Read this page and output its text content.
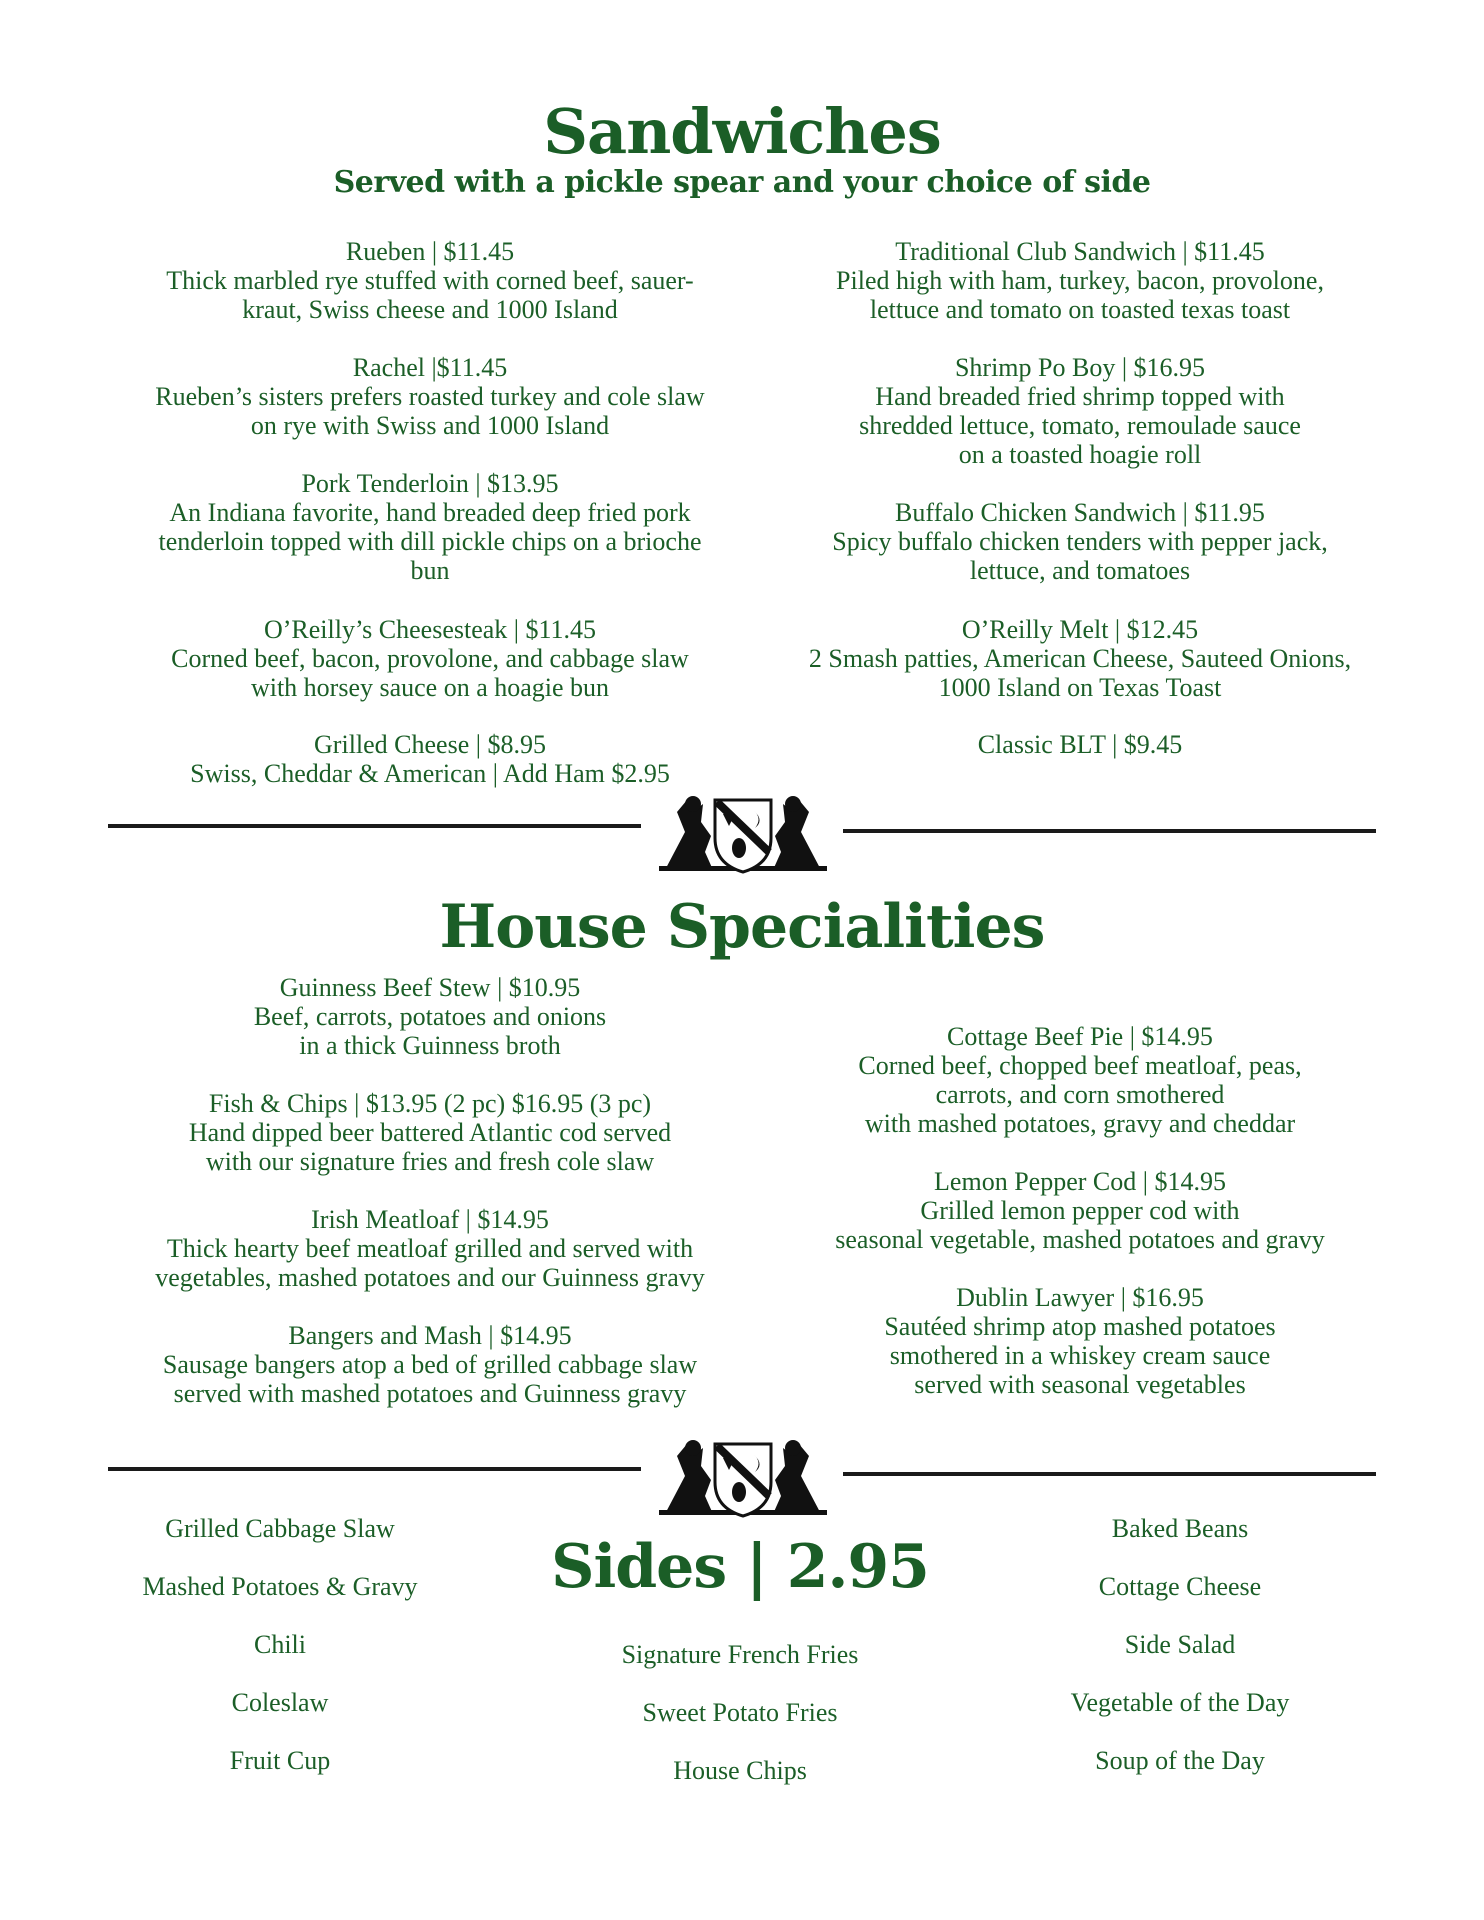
Sandwiches
Served with a pickle spear and your choice of side
Rueben | $11.45
Thick marbled rye stuffed with corned beef, sauer-
kraut, Swiss cheese and 1000 Island
Rachel |$11.45
Rueben’s sisters prefers roasted turkey and cole slaw
on rye with Swiss and 1000 Island
Pork Tenderloin | $13.95
An Indiana favorite, hand breaded deep fried pork
tenderloin topped with dill pickle chips on a brioche
bun
O’Reilly’s Cheesesteak | $11.45
Corned beef, bacon, provolone, and cabbage slaw
with horsey sauce on a hoagie bun
Grilled Cheese | $8.95
Swiss, Cheddar & American | Add Ham $2.95
Traditional Club Sandwich | $11.45
Piled high with ham, turkey, bacon, provolone,
lettuce and tomato on toasted texas toast
Shrimp Po Boy | $16.95
Hand breaded fried shrimp topped with
shredded lettuce, tomato, remoulade sauce
on a toasted hoagie roll
Buffalo Chicken Sandwich | $11.95
Spicy buffalo chicken tenders with pepper jack,
lettuce, and tomatoes
O’Reilly Melt | $12.45
2 Smash patties, American Cheese, Sauteed Onions,
1000 Island on Texas Toast
Classic BLT | $9.45
House Specialities
Guinness Beef Stew | $10.95
Beef, carrots, potatoes and onions
in a thick Guinness broth
Fish & Chips | $13.95 (2 pc) $16.95 (3 pc)
Hand dipped beer battered Atlantic cod served
with our signature fries and fresh cole slaw
Irish Meatloaf | $14.95
Thick hearty beef meatloaf grilled and served with
vegetables, mashed potatoes and our Guinness gravy
Bangers and Mash | $14.95
Sausage bangers atop a bed of grilled cabbage slaw
served with mashed potatoes and Guinness gravy
Cottage Beef Pie | $14.95
Corned beef, chopped beef meatloaf, peas,
carrots, and corn smothered
with mashed potatoes, gravy and cheddar
Lemon Pepper Cod | $14.95
Grilled lemon pepper cod with
seasonal vegetable, mashed potatoes and gravy
Dublin Lawyer | $16.95
Sautéed shrimp atop mashed potatoes
smothered in a whiskey cream sauce
served with seasonal vegetables
Sides | 2.95
Grilled Cabbage Slaw
Mashed Potatoes & Gravy
Chili
Coleslaw
Fruit Cup
Signature French Fries
Sweet Potato Fries
House Chips
Baked Beans
Cottage Cheese
Side Salad
Vegetable of the Day
Soup of the Day
